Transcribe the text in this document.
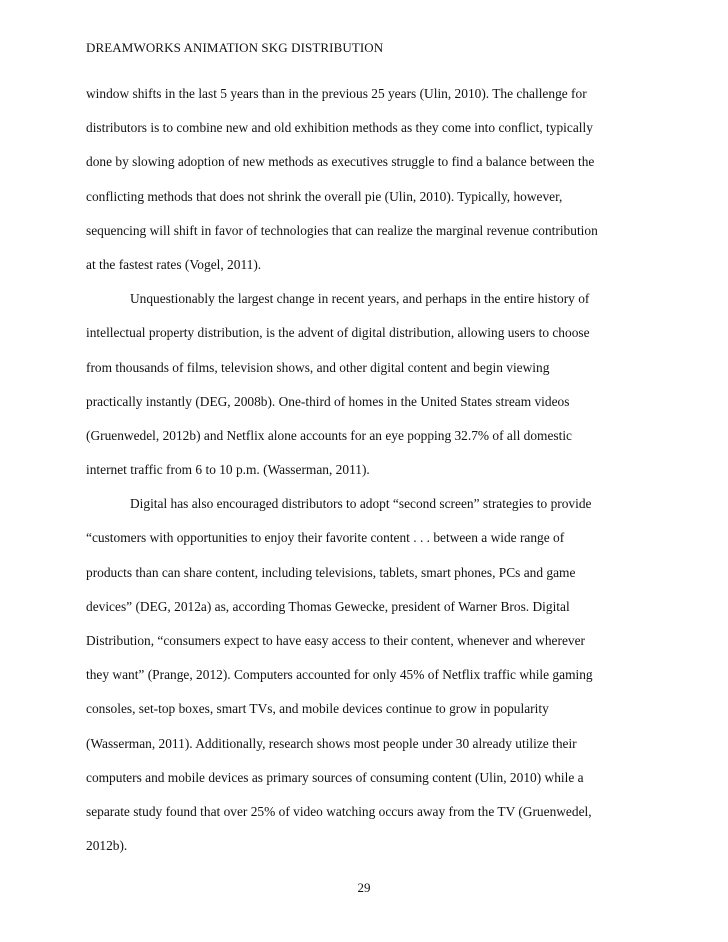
DREAMWORKS ANIMATION SKG DISTRIBUTION
window shifts in the last 5 years than in the previous 25 years (Ulin, 2010). The challenge for
distributors is to combine new and old exhibition methods as they come into conflict, typically
done by slowing adoption of new methods as executives struggle to find a balance between the
conflicting methods that does not shrink the overall pie (Ulin, 2010). Typically, however,
sequencing will shift in favor of technologies that can realize the marginal revenue contribution
at the fastest rates (Vogel, 2011).
Unquestionably the largest change in recent years, and perhaps in the entire history of
intellectual property distribution, is the advent of digital distribution, allowing users to choose
from thousands of films, television shows, and other digital content and begin viewing
practically instantly (DEG, 2008b). One-third of homes in the United States stream videos
(Gruenwedel, 2012b) and Netflix alone accounts for an eye popping 32.7% of all domestic
internet traffic from 6 to 10 p.m. (Wasserman, 2011).
Digital has also encouraged distributors to adopt “second screen” strategies to provide
“customers with opportunities to enjoy their favorite content . . . between a wide range of
products than can share content, including televisions, tablets, smart phones, PCs and game
devices” (DEG, 2012a) as, according Thomas Gewecke, president of Warner Bros. Digital
Distribution, “consumers expect to have easy access to their content, whenever and wherever
they want” (Prange, 2012). Computers accounted for only 45% of Netflix traffic while gaming
consoles, set-top boxes, smart TVs, and mobile devices continue to grow in popularity
(Wasserman, 2011). Additionally, research shows most people under 30 already utilize their
computers and mobile devices as primary sources of consuming content (Ulin, 2010) while a
separate study found that over 25% of video watching occurs away from the TV (Gruenwedel,
2012b).
29
